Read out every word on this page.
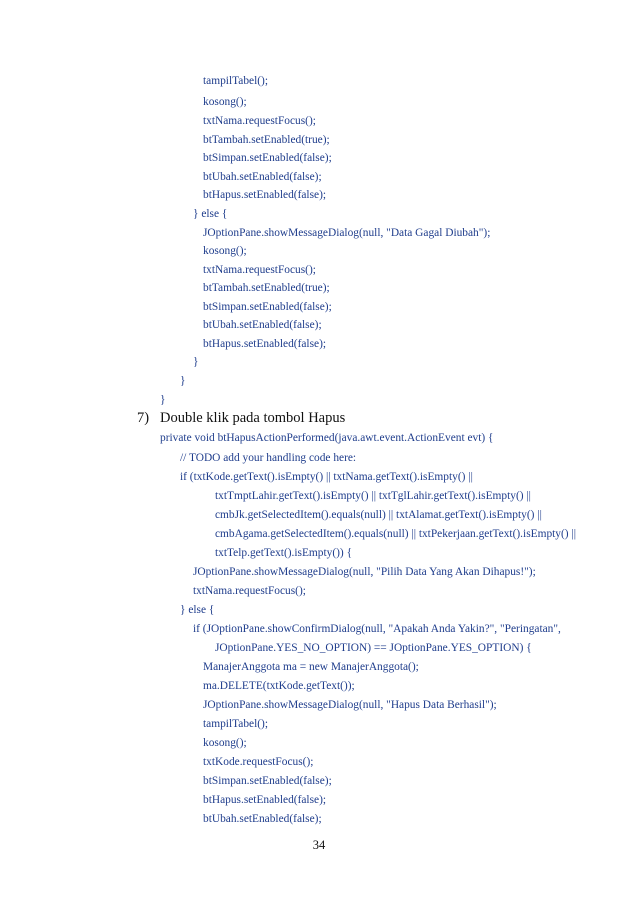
tampilTabel();
kosong();
txtNama.requestFocus();
btTambah.setEnabled(true);
btSimpan.setEnabled(false);
btUbah.setEnabled(false);
btHapus.setEnabled(false);
} else {
JOptionPane.showMessageDialog(null, "Data Gagal Diubah");
kosong();
txtNama.requestFocus();
btTambah.setEnabled(true);
btSimpan.setEnabled(false);
btUbah.setEnabled(false);
btHapus.setEnabled(false);
}
}
}
7) Double klik pada tombol Hapus
private void btHapusActionPerformed(java.awt.event.ActionEvent evt) {
// TODO add your handling code here:
if (txtKode.getText().isEmpty() || txtNama.getText().isEmpty() ||
txtTmptLahir.getText().isEmpty() || txtTglLahir.getText().isEmpty() ||
cmbJk.getSelectedItem().equals(null) || txtAlamat.getText().isEmpty() ||
cmbAgama.getSelectedItem().equals(null) || txtPekerjaan.getText().isEmpty() ||
txtTelp.getText().isEmpty()) {
JOptionPane.showMessageDialog(null, "Pilih Data Yang Akan Dihapus!");
txtNama.requestFocus();
} else {
if (JOptionPane.showConfirmDialog(null, "Apakah Anda Yakin?", "Peringatan",
JOptionPane.YES_NO_OPTION) == JOptionPane.YES_OPTION) {
ManajerAnggota ma = new ManajerAnggota();
ma.DELETE(txtKode.getText());
JOptionPane.showMessageDialog(null, "Hapus Data Berhasil");
tampilTabel();
kosong();
txtKode.requestFocus();
btSimpan.setEnabled(false);
btHapus.setEnabled(false);
btUbah.setEnabled(false);
34
